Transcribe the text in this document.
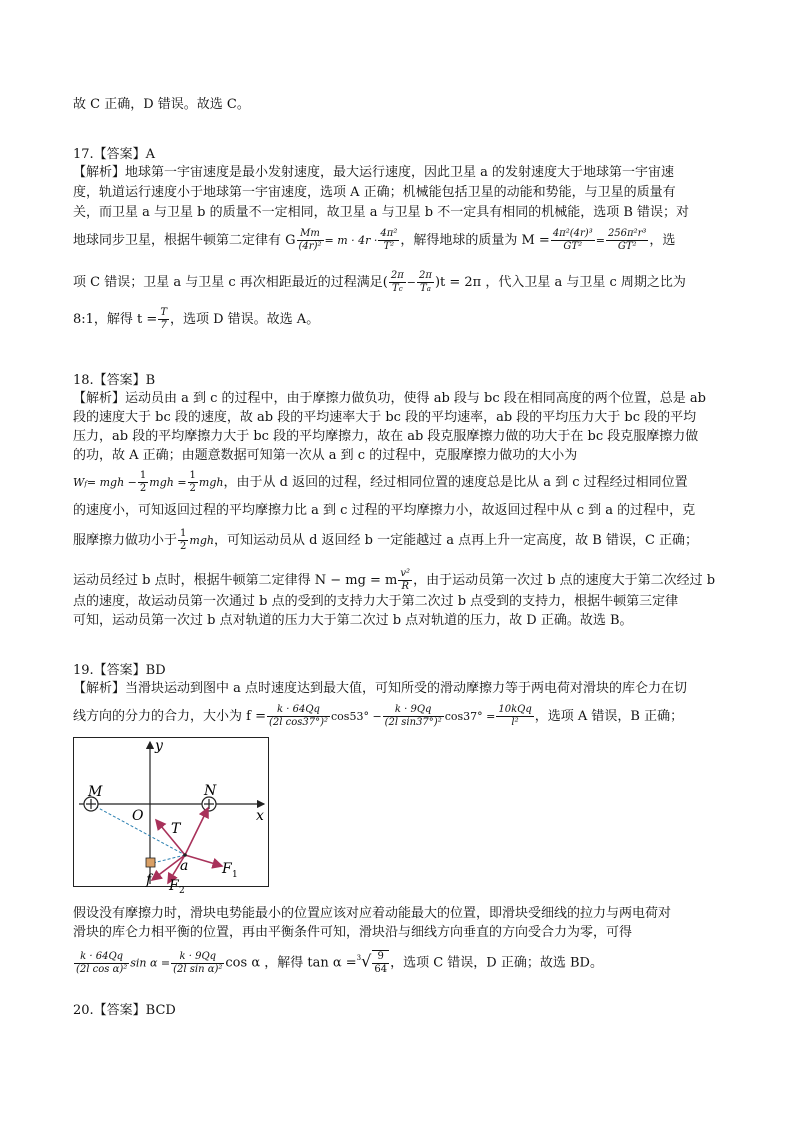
故 C 正确，D 错误。故选 C。
17.【答案】A
【解析】地球第一宇宙速度是最小发射速度，最大运行速度，因此卫星 a 的发射速度大于地球第一宇宙速
度，轨道运行速度小于地球第一宇宙速度，选项 A 正确；机械能包括卫星的动能和势能，与卫星的质量有
关，而卫星 a 与卫星 b 的质量不一定相同，故卫星 a 与卫星 b 不一定具有相同的机械能，选项 B 错误；对
地球同步卫星，根据牛顿第二定律有 G $\frac{Mm}{\text{(4r)²}} = m \cdot 4r \cdot \frac{\text{4π²}}{\text{T²}}$ ，解得地球的质量为 $M = \frac{\text{4π²(4r)³}}{\text{GT²}} = \frac{\text{256π²r³}}{\text{GT²}}$ ，选
项 C 错误；卫星 a 与卫星 c 再次相距最近的过程满足( $\frac{2\pi}{Tc} - \frac{2\pi}{Ta} )t = 2\pi$ ，代入卫星 a 与卫星 c 周期之比为
8:1，解得 $t = \frac{T}{7}$ ，选项 D 错误。故选 A。
18.【答案】B
【解析】运动员由 a 到 c 的过程中，由于摩擦力做负功，使得 ab 段与 bc 段在相同高度的两个位置，总是 ab
段的速度大于 bc 段的速度，故 ab 段的平均速率大于 bc 段的平均速率，ab 段的平均压力大于 bc 段的平均
压力，ab 段的平均摩擦力大于 bc 段的平均摩擦力，故在 ab 段克服摩擦力做的功大于在 bc 段克服摩擦力做
的功，故 A 正确；由题意数据可知第一次从 a 到 c 的过程中，克服摩擦力做功的大小为
Wf= mgh − $\frac{1}{2}$ mgh = $\frac{1}{2}$ mgh，由于从 d 返回的过程，经过相同位置的速度总是比从 a 到 c 过程经过相同位置
的速度小，可知返回过程的平均摩擦力比 a 到 c 过程的平均摩擦力小，故返回过程中从 c 到 a 的过程中，克
服摩擦力做功小于 $\frac{1}{2}$ mgh，可知运动员从 d 返回经 b 一定能越过 a 点再上升一定高度，故 B 错误，C 正确；
运动员经过 b 点时，根据牛顿第二定律得 N − mg = m $\frac{\text{v²}}{R}$ ，由于运动员第一次过 b 点的速度大于第二次经过 b
点的速度，故运动员第一次通过 b 点的受到的支持力大于第二次过 b 点受到的支持力，根据牛顿第三定律
可知，运动员第一次过 b 点对轨道的压力大于第二次过 b 点对轨道的压力，故 D 正确。故选 B。
19.【答案】BD
【解析】当滑块运动到图中 a 点时速度达到最大值，可知所受的滑动摩擦力等于两电荷对滑块的库仑力在切
线方向的分力的合力，大小为 $f = \frac{k \cdot 64Qq}{\text{(2l cos37°)²}} \cos 53^\circ - \frac{k \cdot 9Qq}{\text{(2l sin37°)²}} \cos 37^\circ = \frac{\text{10kQq}}{\text{l²}}$ ，选项 A 错误，B 正确；
M	N
O	x
y
T
a F 1
F 2
f
假设没有摩擦力时，滑块电势能最小的位置应该对应着动能最大的位置，即滑块受细线的拉力与两电荷对
滑块的库仑力相平衡的位置，再由平衡条件可知，滑块沿与细线方向垂直的方向受合力为零，可得
$\frac{k \cdot 64Qq}{\text{(2l cos α)²}}$ $\sin \alpha = \frac{k \cdot 9Qq}{\text{(2l sin α)²}}$ cos α ，解得 $\tan \alpha =^3√ \frac{9}{64}$ ，选项 C 错误，D 正确；故选 BD。
20.【答案】BCD
